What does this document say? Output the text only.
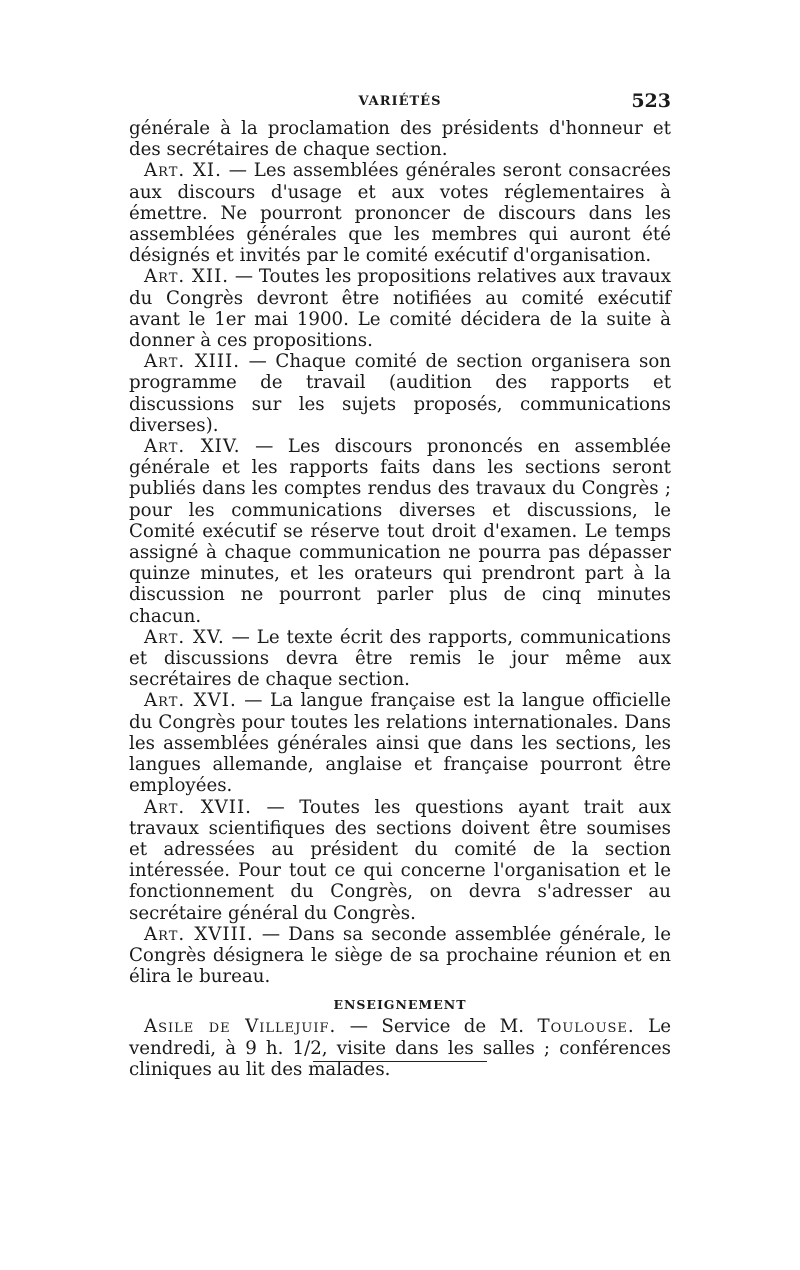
VARIÉTÉS	523

générale à la proclamation des présidents d'honneur et des secrétaires de chaque section.

Art. XI. — Les assemblées générales seront consacrées aux discours d'usage et aux votes réglementaires à émettre. Ne pourront prononcer de discours dans les assemblées générales que les membres qui auront été désignés et invités par le comité exécutif d'organisation.

Art. XII. — Toutes les propositions relatives aux travaux du Congrès devront être notifiées au comité exécutif avant le 1er mai 1900. Le comité décidera de la suite à donner à ces propositions.

Art. XIII. — Chaque comité de section organisera son programme de travail (audition des rapports et discussions sur les sujets proposés, communications diverses).

Art. XIV. — Les discours prononcés en assemblée générale et les rapports faits dans les sections seront publiés dans les comptes rendus des travaux du Congrès ; pour les communications diverses et discussions, le Comité exécutif se réserve tout droit d'examen. Le temps assigné à chaque communication ne pourra pas dépasser quinze minutes, et les orateurs qui prendront part à la discussion ne pourront parler plus de cinq minutes chacun.

Art. XV. — Le texte écrit des rapports, communications et discussions devra être remis le jour même aux secrétaires de chaque section.

Art. XVI. — La langue française est la langue officielle du Congrès pour toutes les relations internationales. Dans les assemblées générales ainsi que dans les sections, les langues allemande, anglaise et française pourront être employées.

Art. XVII. — Toutes les questions ayant trait aux travaux scientifiques des sections doivent être soumises et adressées au président du comité de la section intéressée. Pour tout ce qui concerne l'organisation et le fonctionnement du Congrès, on devra s'adresser au secrétaire général du Congrès.

Art. XVIII. — Dans sa seconde assemblée générale, le Congrès désignera le siège de sa prochaine réunion et en élira le bureau.

ENSEIGNEMENT

Asile de Villejuif. — Service de M. Toulouse. Le vendredi, à 9 h. 1/2, visite dans les salles ; conférences cliniques au lit des malades.
